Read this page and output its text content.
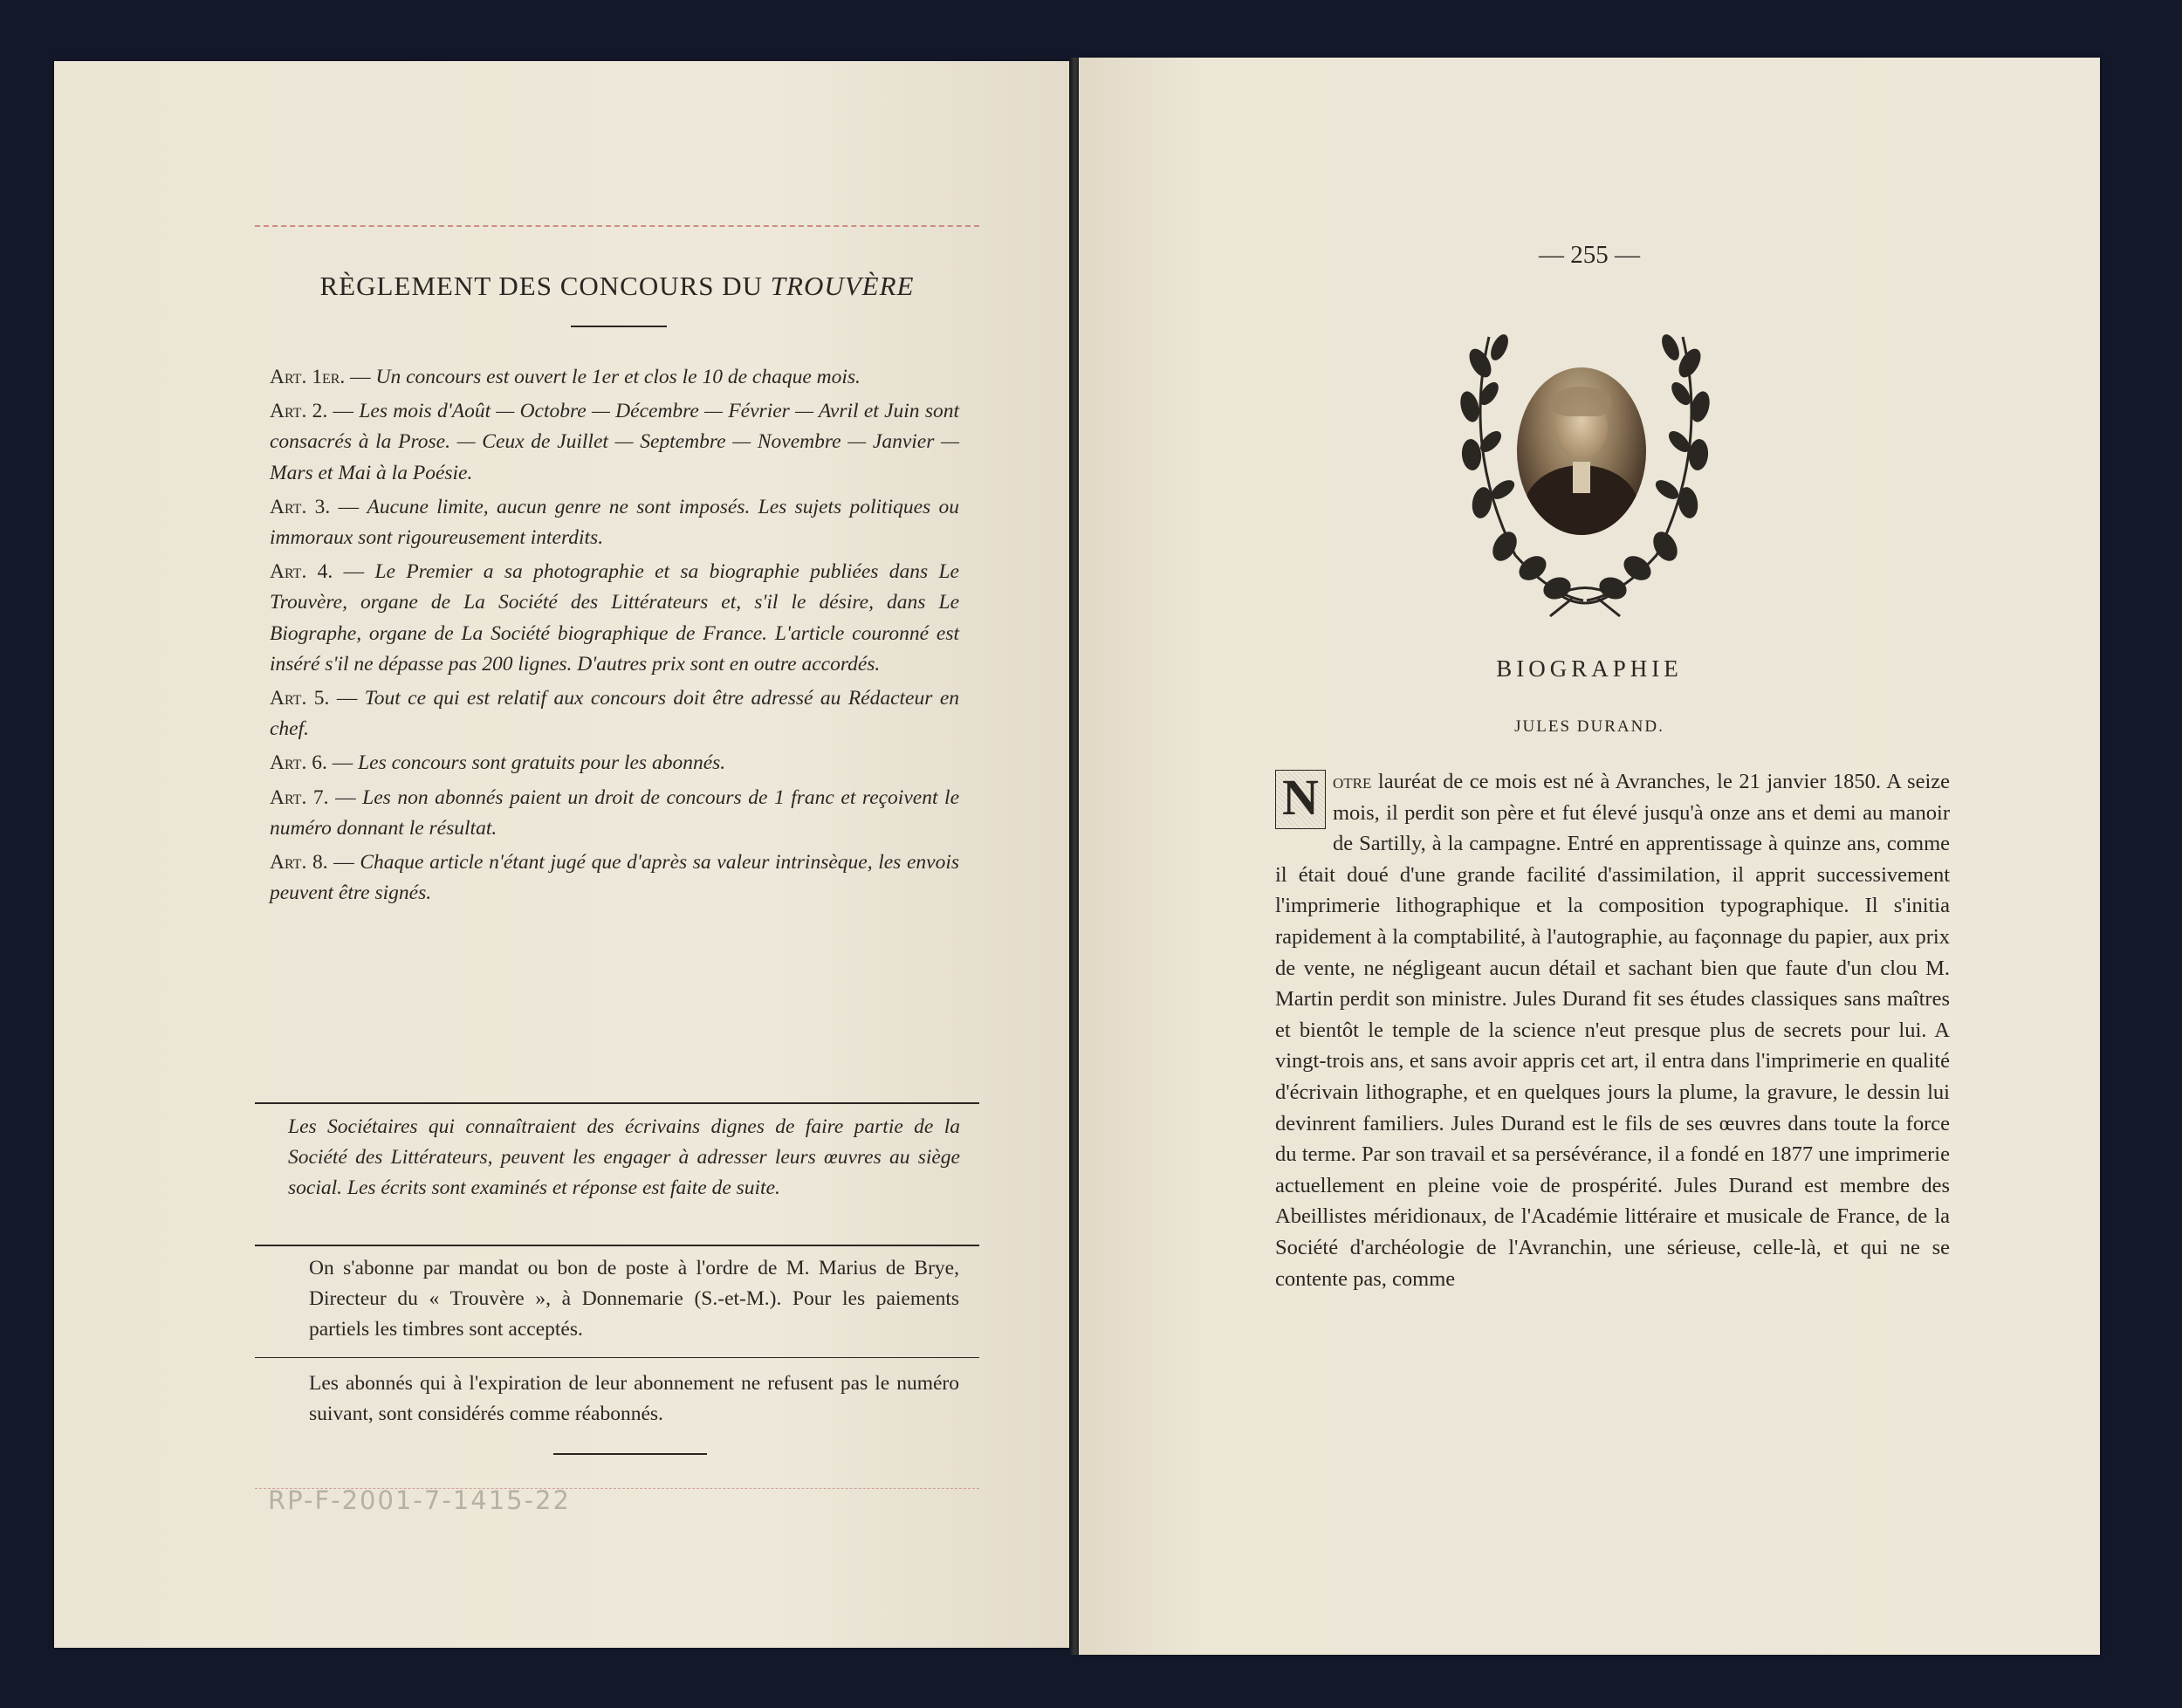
RÈGLEMENT DES CONCOURS DU TROUVÈRE

Art. 1er. — Un concours est ouvert le 1er et clos le 10 de chaque mois.

Art. 2. — Les mois d'Août — Octobre — Décembre — Février — Avril et Juin sont consacrés à la Prose. — Ceux de Juillet — Septembre — Novembre — Janvier — Mars et Mai à la Poésie.

Art. 3. — Aucune limite, aucun genre ne sont imposés. Les sujets politiques ou immoraux sont rigoureusement interdits.

Art. 4. — Le Premier a sa photographie et sa biographie publiées dans Le Trouvère, organe de La Société des Littérateurs et, s'il le désire, dans Le Biographe, organe de La Société biographique de France. L'article couronné est inséré s'il ne dépasse pas 200 lignes. D'autres prix sont en outre accordés.

Art. 5. — Tout ce qui est relatif aux concours doit être adressé au Rédacteur en chef.

Art. 6. — Les concours sont gratuits pour les abonnés.

Art. 7. — Les non abonnés paient un droit de concours de 1 franc et reçoivent le numéro donnant le résultat.

Art. 8. — Chaque article n'étant jugé que d'après sa valeur intrinsèque, les envois peuvent être signés.

Les Sociétaires qui connaîtraient des écrivains dignes de faire partie de la Société des Littérateurs, peuvent les engager à adresser leurs œuvres au siège social. Les écrits sont examinés et réponse est faite de suite.
On s'abonne par mandat ou bon de poste à l'ordre de M. Marius de Brye, Directeur du « Trouvère », à Donnemarie (S.-et-M.). Pour les paiements partiels les timbres sont acceptés.
Les abonnés qui à l'expiration de leur abonnement ne refusent pas le numéro suivant, sont considérés comme réabonnés.
RP-F-2001-7-1415-22
— 255 —
BIOGRAPHIE
JULES DURAND.
N otre lauréat de ce mois est né à Avranches, le 21 janvier 1850. A seize mois, il perdit son père et fut élevé jusqu'à onze ans et demi au manoir de Sartilly, à la campagne. Entré en apprentissage à quinze ans, comme il était doué d'une grande facilité d'assimilation, il apprit successivement l'imprimerie lithographique et la composition typographique. Il s'initia rapidement à la comptabilité, à l'autographie, au façonnage du papier, aux prix de vente, ne négligeant aucun détail et sachant bien que faute d'un clou M. Martin perdit son ministre. Jules Durand fit ses études classiques sans maîtres et bientôt le temple de la science n'eut presque plus de secrets pour lui. A vingt-trois ans, et sans avoir appris cet art, il entra dans l'imprimerie en qualité d'écrivain lithographe, et en quelques jours la plume, la gravure, le dessin lui devinrent familiers. Jules Durand est le fils de ses œuvres dans toute la force du terme. Par son travail et sa persévérance, il a fondé en 1877 une imprimerie actuellement en pleine voie de prospérité. Jules Durand est membre des Abeillistes méridionaux, de l'Académie littéraire et musicale de France, de la Société d'archéologie de l'Avranchin, une sérieuse, celle-là, et qui ne se contente pas, comme
